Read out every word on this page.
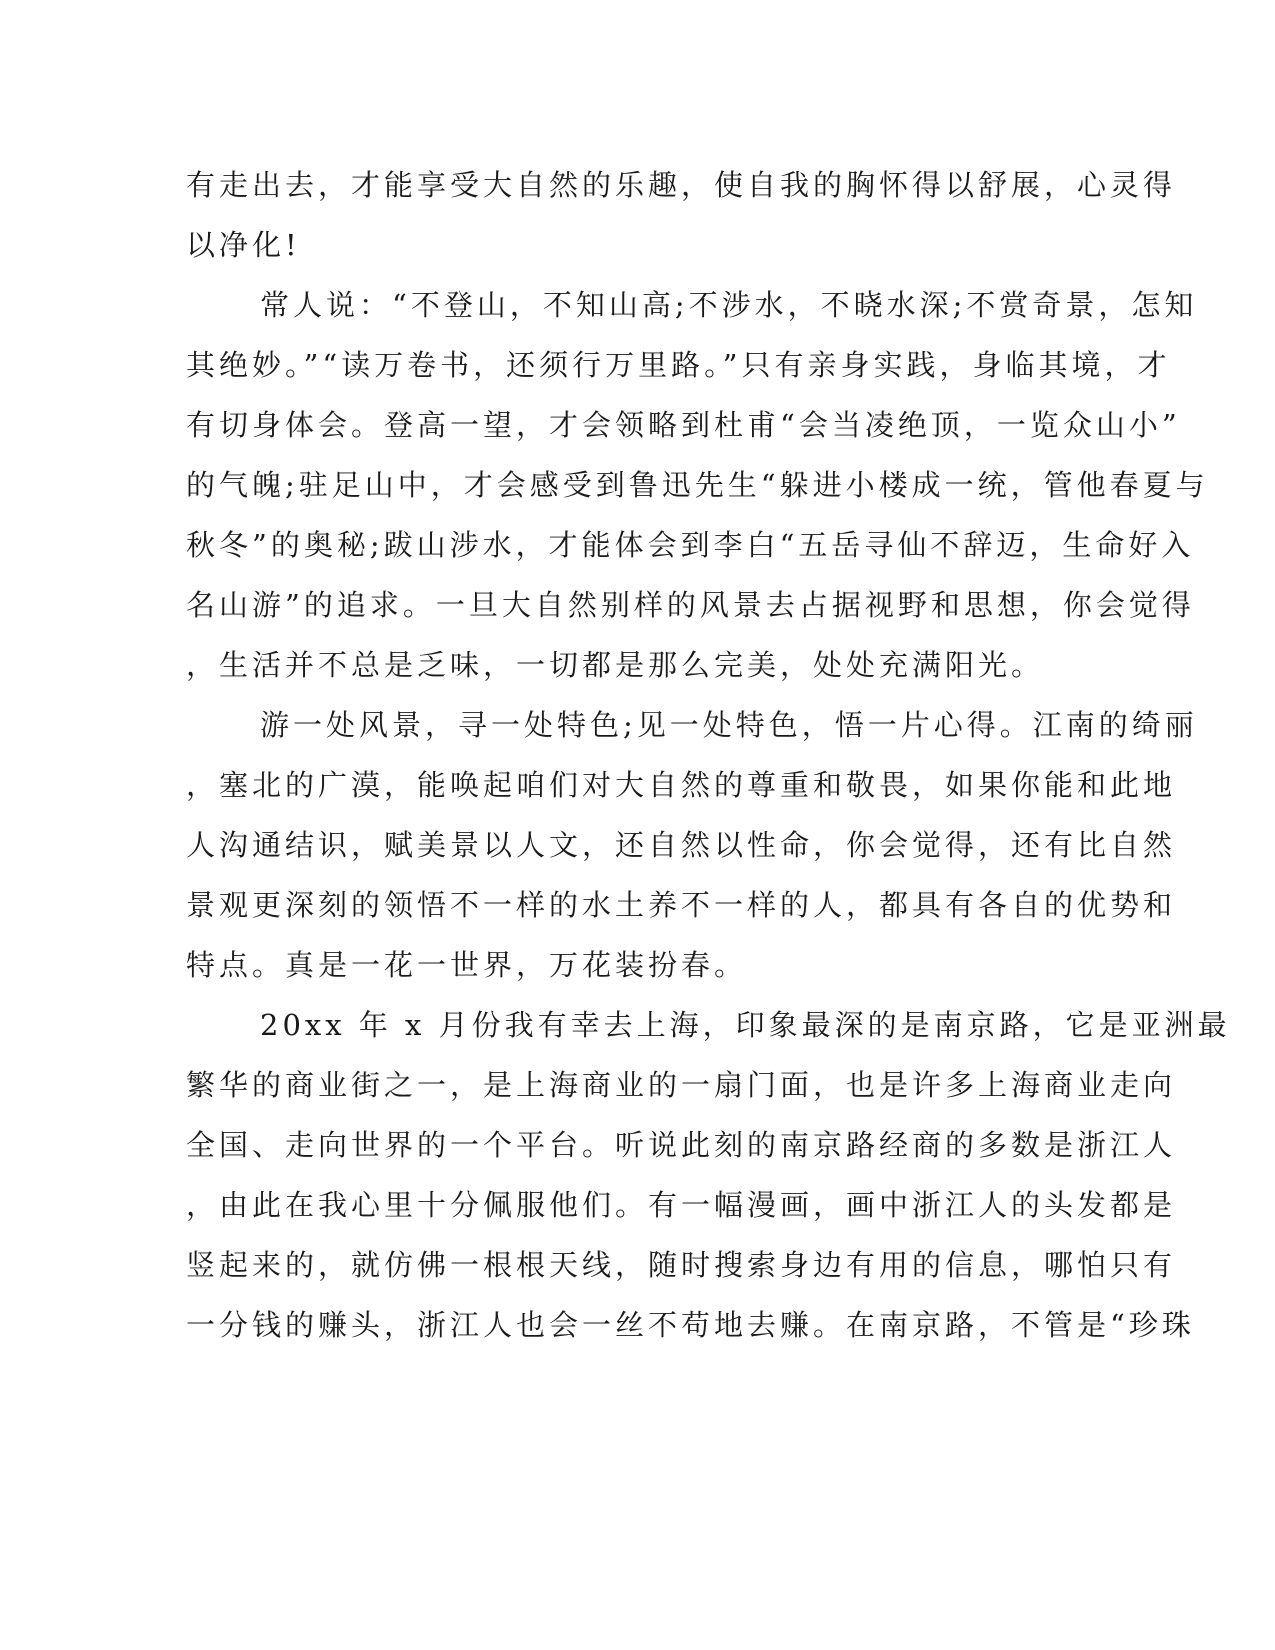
有走出去，才能享受大自然的乐趣，使自我的胸怀得以舒展，心灵得
以净化!
常人说：“不登山，不知山高;不涉水，不晓水深;不赏奇景，怎知
其绝妙。”“读万卷书，还须行万里路。”只有亲身实践，身临其境，才
有切身体会。登高一望，才会领略到杜甫“会当凌绝顶，一览众山小”
的气魄;驻足山中，才会感受到鲁迅先生“躲进小楼成一统，管他春夏与
秋冬”的奥秘;跋山涉水，才能体会到李白“五岳寻仙不辞迈，生命好入
名山游”的追求。一旦大自然别样的风景去占据视野和思想，你会觉得
，生活并不总是乏味，一切都是那么完美，处处充满阳光。
游一处风景，寻一处特色;见一处特色，悟一片心得。江南的绮丽
，塞北的广漠，能唤起咱们对大自然的尊重和敬畏，如果你能和此地
人沟通结识，赋美景以人文，还自然以性命，你会觉得，还有比自然
景观更深刻的领悟不一样的水土养不一样的人，都具有各自的优势和
特点。真是一花一世界，万花装扮春。
20xx 年 x 月份我有幸去上海，印象最深的是南京路，它是亚洲最
繁华的商业街之一，是上海商业的一扇门面，也是许多上海商业走向
全国、走向世界的一个平台。听说此刻的南京路经商的多数是浙江人
，由此在我心里十分佩服他们。有一幅漫画，画中浙江人的头发都是
竖起来的，就仿佛一根根天线，随时搜索身边有用的信息，哪怕只有
一分钱的赚头，浙江人也会一丝不苟地去赚。在南京路，不管是“珍珠
